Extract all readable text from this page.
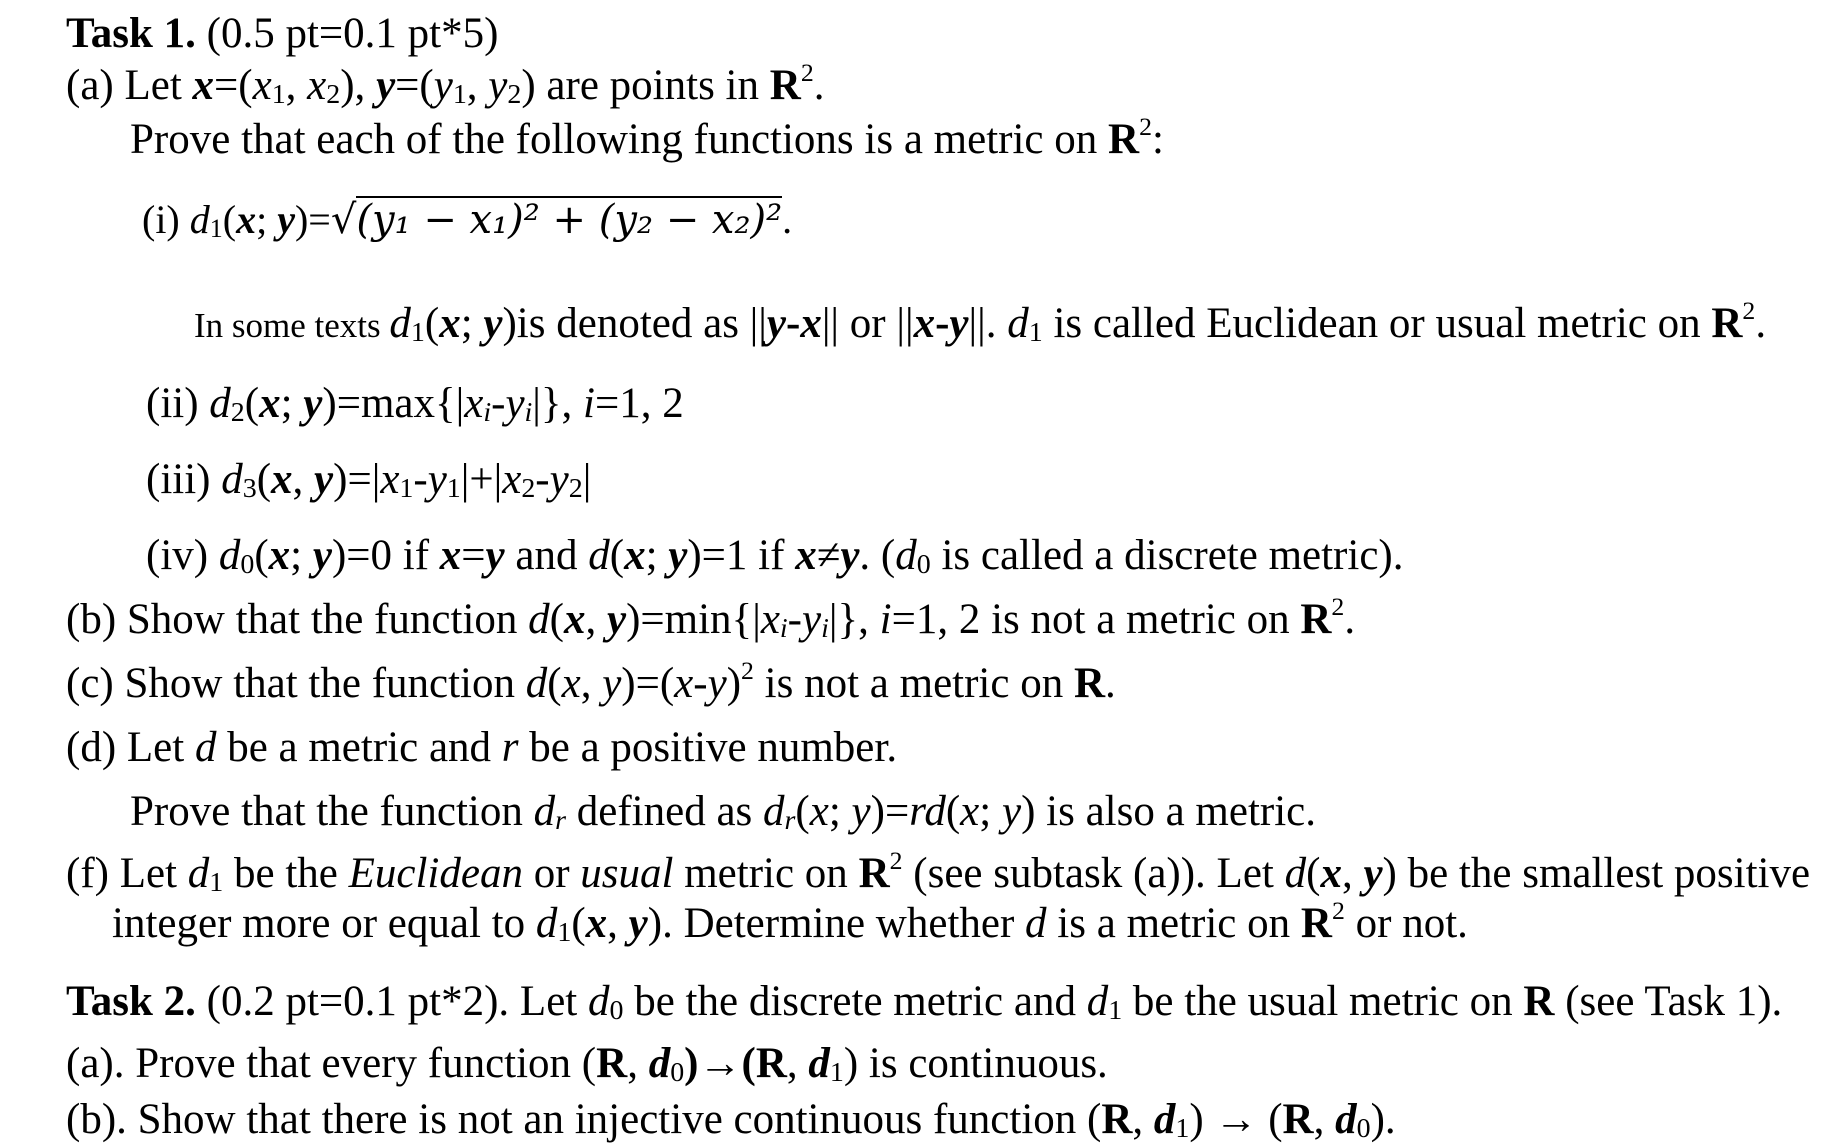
Task 1. (0.5 pt=0.1 pt*5)
(a) Let $x=(x_1$, $x_2$), $y=(y_1$, $y_2$) are points in $R^2$.
Prove that each of the following functions is a metric on $R^2$:
(i) $d_1(x$; y)=√(y₁ − x₁)² + (y₂ − x₂)².
In some texts $d_1(x$; y)is denoted as ||y-x|| or ||x-y||. $d_1$ is called Euclidean or usual metric on $R^2$.
(ii) $d_2(x$; $y)=\max\{|x_i-y_i|\}$, i=1, 2
(iii) $d_3(x$, $y)=|x_1-y_1|+|x_2-y_2|$
(iv) $d_0(x$; y)=0 if x=y and d(x; y)=1 if x≠y. ($d_0$ is called a discrete metric).
(b) Show that the function d(x, $y)=\min\{|x_i-y_i|\}$, i=1, 2 is not a metric on $R^2$.
(c) Show that the function d(x, $y)=(x-y)^2$ is not a metric on R.
(d) Let d be a metric and r be a positive number.
Prove that the function $d_r$ defined as $d_r(x$; y)=rd(x; y) is also a metric.
(f) Let $d_1$ be the Euclidean or usual metric on $R^2$ (see subtask (a)). Let d(x, y) be the smallest positive
integer more or equal to $d_1(x$, y). Determine whether d is a metric on $R^2$ or not.
Task 2. (0.2 pt=0.1 pt*2). Let $d_0$ be the discrete metric and $d_1$ be the usual metric on R (see Task 1).
(a). Prove that every function (R, $d_0)\to(R$, $d_1$) is continuous.
(b). Show that there is not an injective continuous function (R, $d_1) \to (R$, $d_0$).
